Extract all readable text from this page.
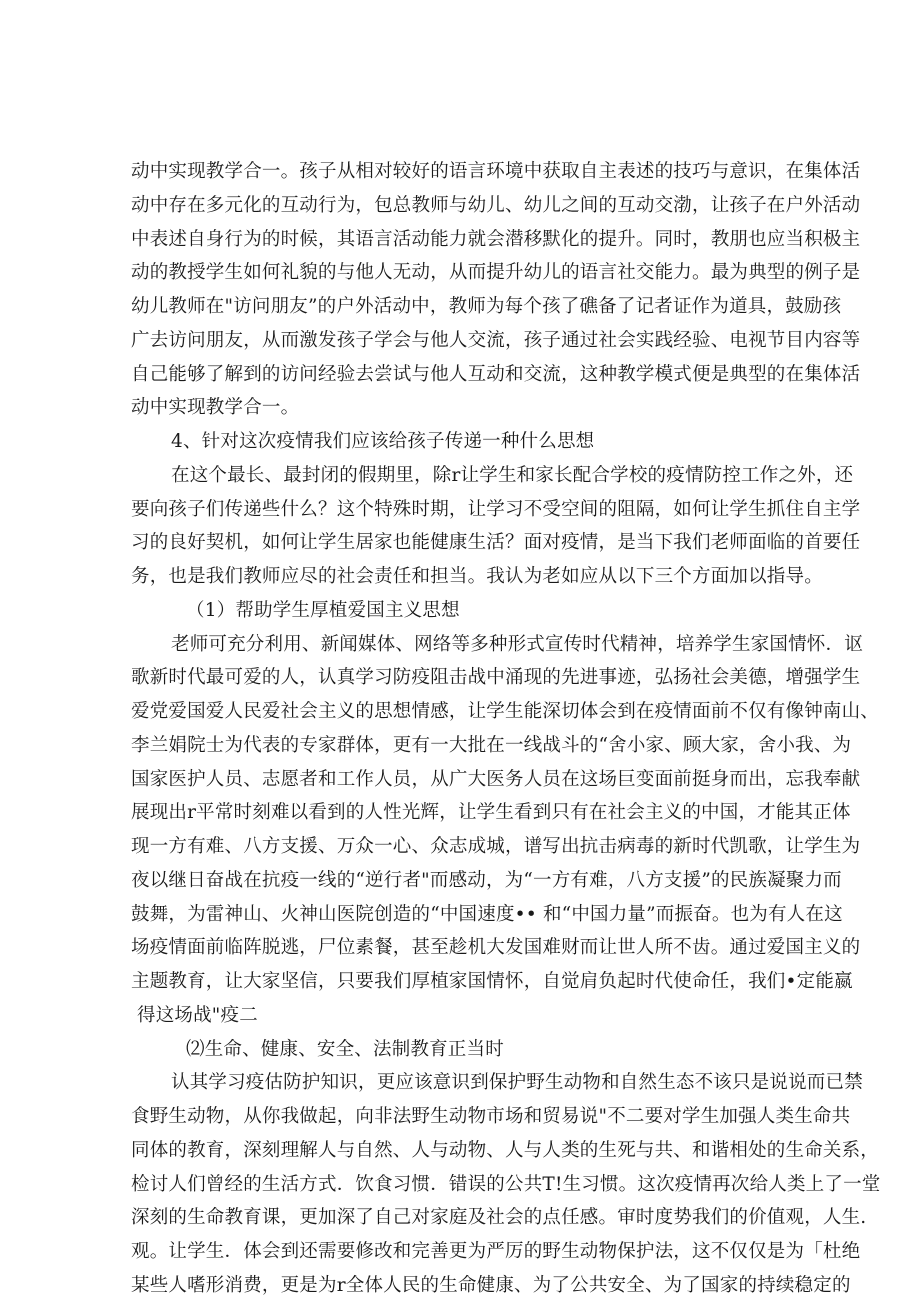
动中实现教学合一。孩子从相对较好的语言环境中获取自主表述的技巧与意识，在集体活
动中存在多元化的互动行为，包总教师与幼儿、幼儿之间的互动交渤，让孩子在户外活动
中表述自身行为的时候，其语言活动能力就会潜移默化的提升。同时，教朋也应当积极主
动的教授学生如何礼貌的与他人无动，从而提升幼儿的语言社交能力。最为典型的例子是
幼儿教师在"访问朋友”的户外活动中，教师为每个孩了礁备了记者证作为道具，鼓励孩
广去访问朋友，从而激发孩子学会与他人交流，孩子通过社会实践经验、电视节目内容等
自己能够了解到的访问经验去尝试与他人互动和交流，这种教学模式便是典型的在集体活
动中实现教学合一。
4、针对这次疫情我们应该给孩子传递一种什么思想
在这个最长、最封闭的假期里，除r让学生和家长配合学校的疫情防控工作之外，还
要向孩子们传递些什么？这个特殊时期，让学习不受空间的阻隔，如何让学生抓住自主学
习的良好契机，如何让学生居家也能健康生活？面对疫情，是当下我们老师面临的首要任
务，也是我们教师应尽的社会责任和担当。我认为老如应从以下三个方面加以指导。
（1）帮助学生厚植爱国主义思想
老师可充分利用、新闻媒体、网络等多种形式宣传时代精神，培养学生家国情怀．讴
歌新时代最可爱的人，认真学习防疫阻击战中涌现的先进事迹，弘扬社会美德，增强学生
爱党爱国爱人民爱社会主义的思想情感，让学生能深切体会到在疫情面前不仅有像钟南山、
李兰娟院士为代表的专家群体，更有一大批在一线战斗的“舍小家、顾大家，舍小我、为
国家医护人员、志愿者和工作人员，从广大医务人员在这场巨变面前挺身而出，忘我奉献
展现出r平常时刻难以看到的人性光辉，让学生看到只有在社会主义的中国，才能其正体
现一方有难、八方支援、万众一心、众志成城，谱写出抗击病毒的新时代凯歌，让学生为
夜以继日奋战在抗疫一线的“逆行者"而感动，为“一方有难，八方支援”的民族凝聚力而
鼓舞，为雷神山、火神山医院创造的“中国速度•• 和“中国力量”而振奋。也为有人在这
场疫情面前临阵脱逃，尸位素餐，甚至趁机大发国难财而让世人所不齿。通过爱国主义的
主题教育，让大家坚信，只要我们厚植家国情怀，自觉肩负起时代使命任，我们•定能嬴
得这场战"疫二
⑵生命、健康、安全、法制教育正当时
认其学习疫估防护知识，更应该意识到保护野生动物和自然生态不该只是说说而已禁
食野生动物，从你我做起，向非法野生动物市场和贸易说"不二要对学生加强人类生命共
同体的教育，深刻理解人与自然、人与动物、人与人类的生死与共、和谐相处的生命关系，
检讨人们曾经的生活方式．饮食习惯．错误的公共T!生习惯。这次疫情再次给人类上了一堂
深刻的生命教育课，更加深了自己对家庭及社会的点任感。审时度势我们的价值观，人生.
观。让学生．体会到还需要修改和完善更为严厉的野生动物保护法，这不仅仅是为「杜绝
某些人嗜形消费，更是为r全体人民的生命健康、为了公共安全、为了国家的持续稳定的
